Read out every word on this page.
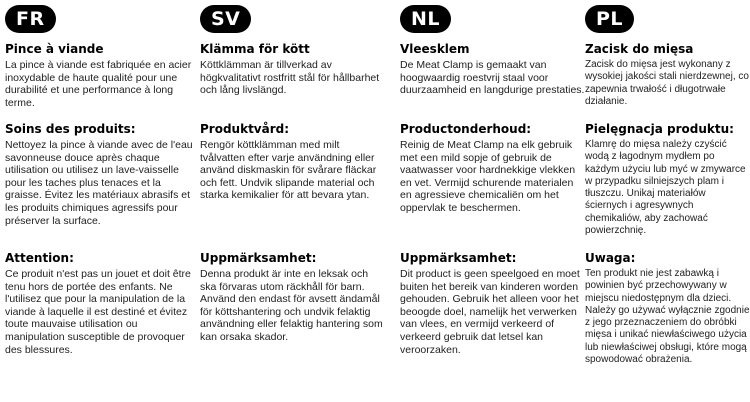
FR
Pince à viande
La pince à viande est fabriquée en acier inoxydable de haute qualité pour une durabilité et une performance à long terme.
Soins des produits:
Nettoyez la pince à viande avec de l'eau savonneuse douce après chaque utilisation ou utilisez un lave-vaisselle pour les taches plus tenaces et la graisse. Évitez les matériaux abrasifs et les produits chimiques agressifs pour préserver la surface.
Attention:
Ce produit n'est pas un jouet et doit être tenu hors de portée des enfants. Ne l'utilisez que pour la manipulation de la viande à laquelle il est destiné et évitez toute mauvaise utilisation ou manipulation susceptible de provoquer des blessures.
SV
Klämma för kött
Köttklämman är tillverkad av högkvalitativt rostfritt stål för hållbarhet och lång livslängd.
Produktvård:
Rengör köttklämman med milt tvålvatten efter varje användning eller använd diskmaskin för svårare fläckar och fett. Undvik slipande material och starka kemikalier för att bevara ytan.
Uppmärksamhet:
Denna produkt är inte en leksak och ska förvaras utom räckhåll för barn. Använd den endast för avsett ändamål för köttshantering och undvik felaktig användning eller felaktig hantering som kan orsaka skador.
NL
Vleesklem
De Meat Clamp is gemaakt van hoogwaardig roestvrij staal voor duurzaamheid en langdurige prestaties.
Productonderhoud:
Reinig de Meat Clamp na elk gebruik met een mild sopje of gebruik de vaatwasser voor hardnekkige vlekken en vet. Vermijd schurende materialen en agressieve chemicaliën om het oppervlak te beschermen.
Uppmärksamhet:
Dit product is geen speelgoed en moet buiten het bereik van kinderen worden gehouden. Gebruik het alleen voor het beoogde doel, namelijk het verwerken van vlees, en vermijd verkeerd of verkeerd gebruik dat letsel kan veroorzaken.
PL
Zacisk do mięsa
Zacisk do mięsa jest wykonany z wysokiej jakości stali nierdzewnej, co zapewnia trwałość i długotrwałe działanie.
Pielęgnacja produktu:
Klamrę do mięsa należy czyścić wodą z łagodnym mydłem po każdym użyciu lub myć w zmywarce w przypadku silniejszych plam i tłuszczu. Unikaj materiałów ściernych i agresywnych chemikaliów, aby zachować powierzchnię.
Uwaga:
Ten produkt nie jest zabawką i powinien być przechowywany w miejscu niedostępnym dla dzieci. Należy go używać wyłącznie zgodnie z jego przeznaczeniem do obróbki mięsa i unikać niewłaściwego użycia lub niewłaściwej obsługi, które mogą spowodować obrażenia.
